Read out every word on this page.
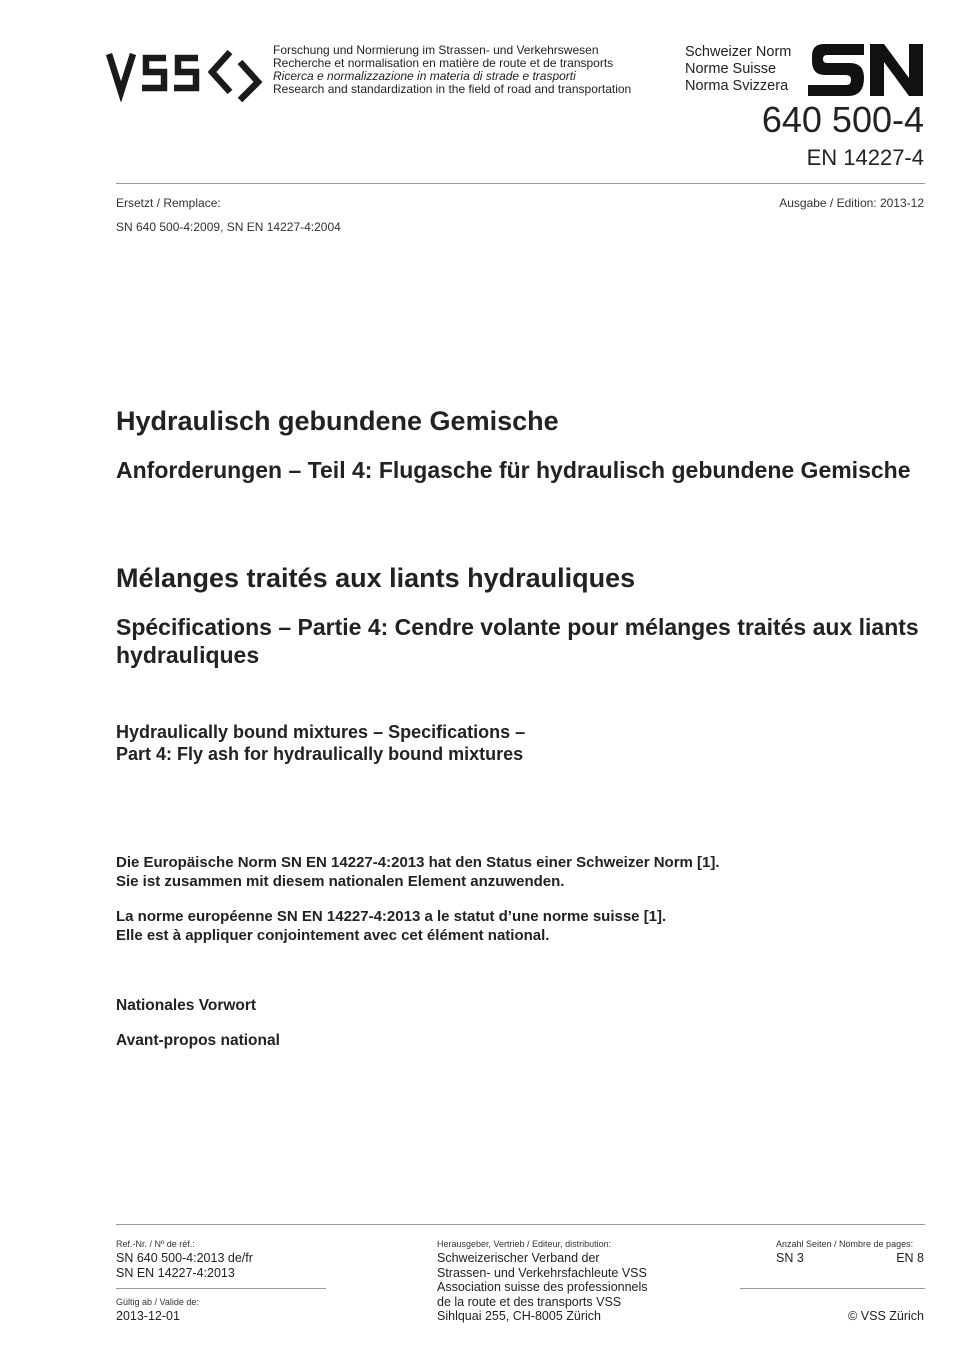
Forschung und Normierung im Strassen- und Verkehrswesen
Recherche et normalisation en matière de route et de transports
Ricerca e normalizzazione in materia di strade e trasporti
Research and standardization in the field of road and transportation
Schweizer Norm
Norme Suisse
Norma Svizzera
640 500-4
EN 14227-4
Ersetzt / Remplace:
SN 640 500-4:2009, SN EN 14227-4:2004
Ausgabe / Edition: 2013-12
Hydraulisch gebundene Gemische
Anforderungen – Teil 4: Flugasche für hydraulisch gebundene Gemische
Mélanges traités aux liants hydrauliques
Spécifications – Partie 4: Cendre volante pour mélanges traités aux liants hydrauliques
Hydraulically bound mixtures – Specifications –
Part 4: Fly ash for hydraulically bound mixtures
Die Europäische Norm SN EN 14227-4:2013 hat den Status einer Schweizer Norm [1].
Sie ist zusammen mit diesem nationalen Element anzuwenden.
La norme européenne SN EN 14227-4:2013 a le statut d’une norme suisse [1].
Elle est à appliquer conjointement avec cet élément national.
Nationales Vorwort
Avant-propos national
Ref.-Nr. / Nº de réf.:
SN 640 500-4:2013 de/fr
SN EN 14227-4:2013
Gültig ab / Valide de:
2013-12-01
Herausgeber, Vertrieb / Editeur, distribution:
Schweizerischer Verband der
Strassen- und Verkehrsfachleute VSS
Association suisse des professionnels
de la route et des transports VSS
Sihlquai 255, CH-8005 Zürich
Anzahl Seiten / Nombre de pages:
SN 3	EN 8
© VSS Zürich
